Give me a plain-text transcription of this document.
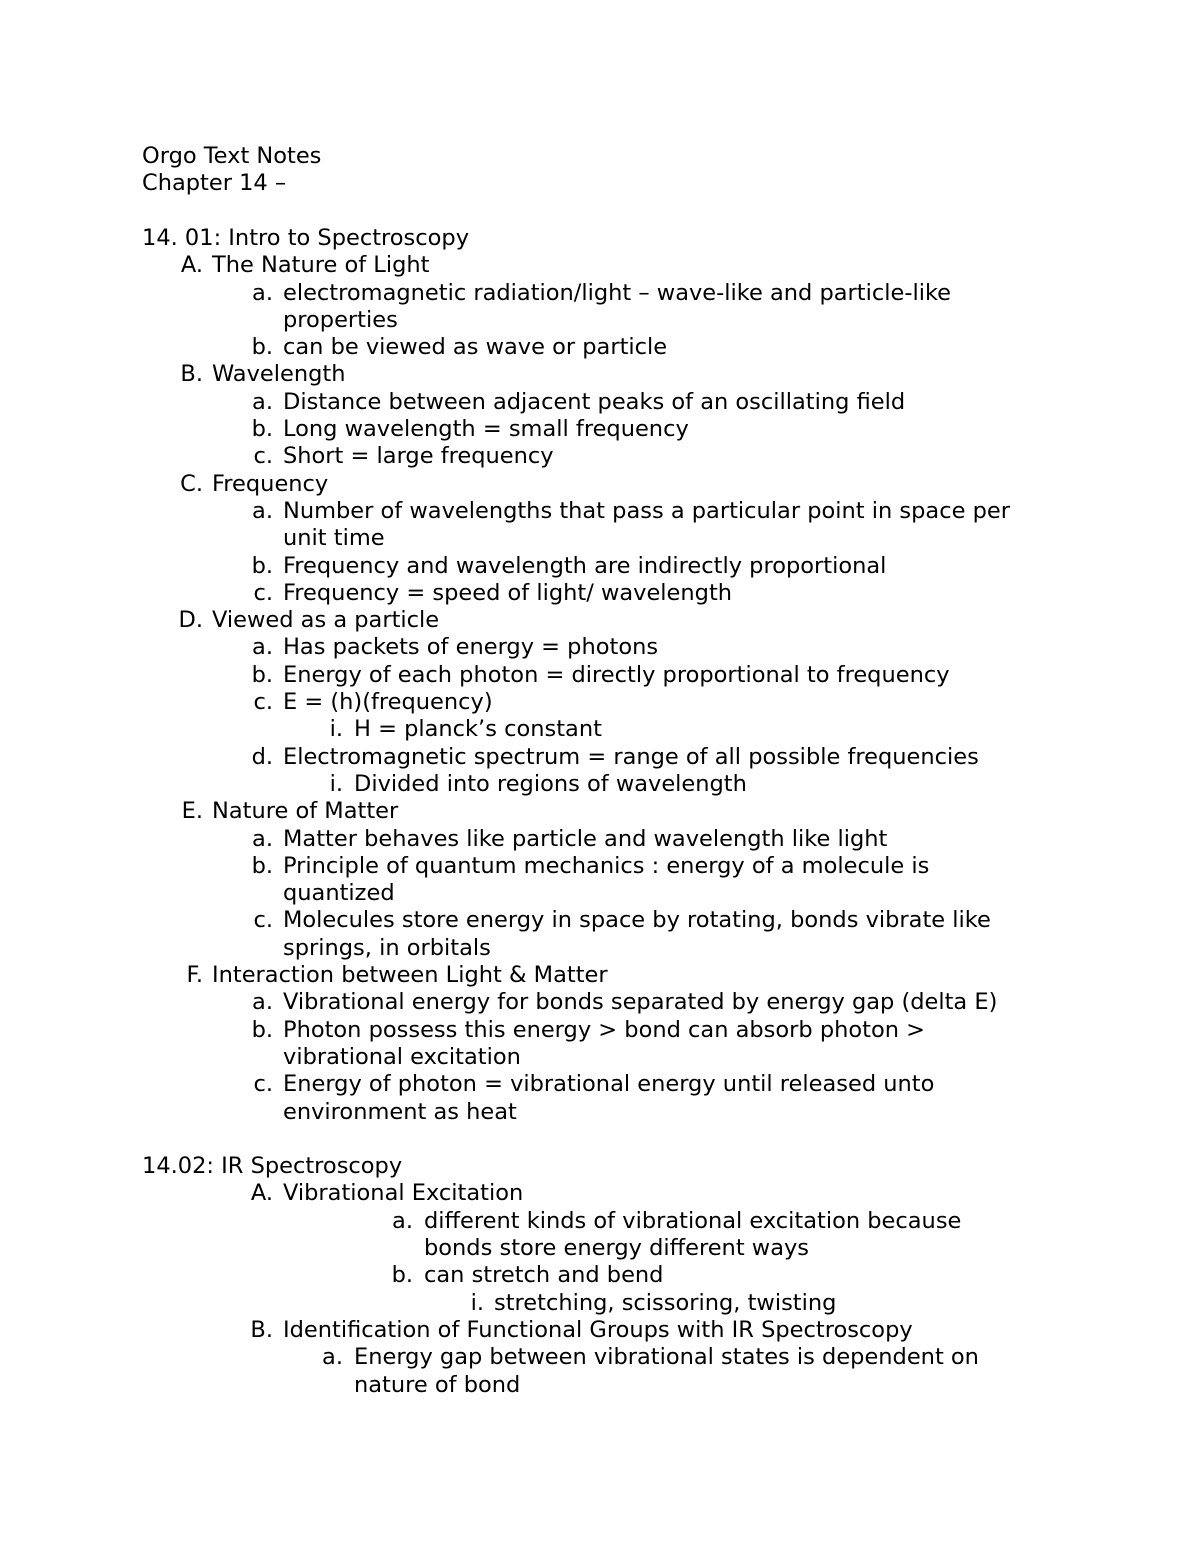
Orgo Text Notes
Chapter 14 –
14. 01: Intro to Spectroscopy
A. The Nature of Light
a. electromagnetic radiation/light – wave-like and particle-like
properties
b. can be viewed as wave or particle
B. Wavelength
a. Distance between adjacent peaks of an oscillating field
b. Long wavelength = small frequency
c. Short = large frequency
C. Frequency
a. Number of wavelengths that pass a particular point in space per
unit time
b. Frequency and wavelength are indirectly proportional
c. Frequency = speed of light/ wavelength
D. Viewed as a particle
a. Has packets of energy = photons
b. Energy of each photon = directly proportional to frequency
c. E = (h)(frequency)
i. H = planck’s constant
d. Electromagnetic spectrum = range of all possible frequencies
i. Divided into regions of wavelength
E. Nature of Matter
a. Matter behaves like particle and wavelength like light
b. Principle of quantum mechanics : energy of a molecule is
quantized
c. Molecules store energy in space by rotating, bonds vibrate like
springs, in orbitals
F. Interaction between Light & Matter
a. Vibrational energy for bonds separated by energy gap (delta E)
b. Photon possess this energy > bond can absorb photon >
vibrational excitation
c. Energy of photon = vibrational energy until released unto
environment as heat
14.02: IR Spectroscopy
A. Vibrational Excitation
a. different kinds of vibrational excitation because
bonds store energy different ways
b. can stretch and bend
i. stretching, scissoring, twisting
B. Identification of Functional Groups with IR Spectroscopy
a. Energy gap between vibrational states is dependent on
nature of bond
